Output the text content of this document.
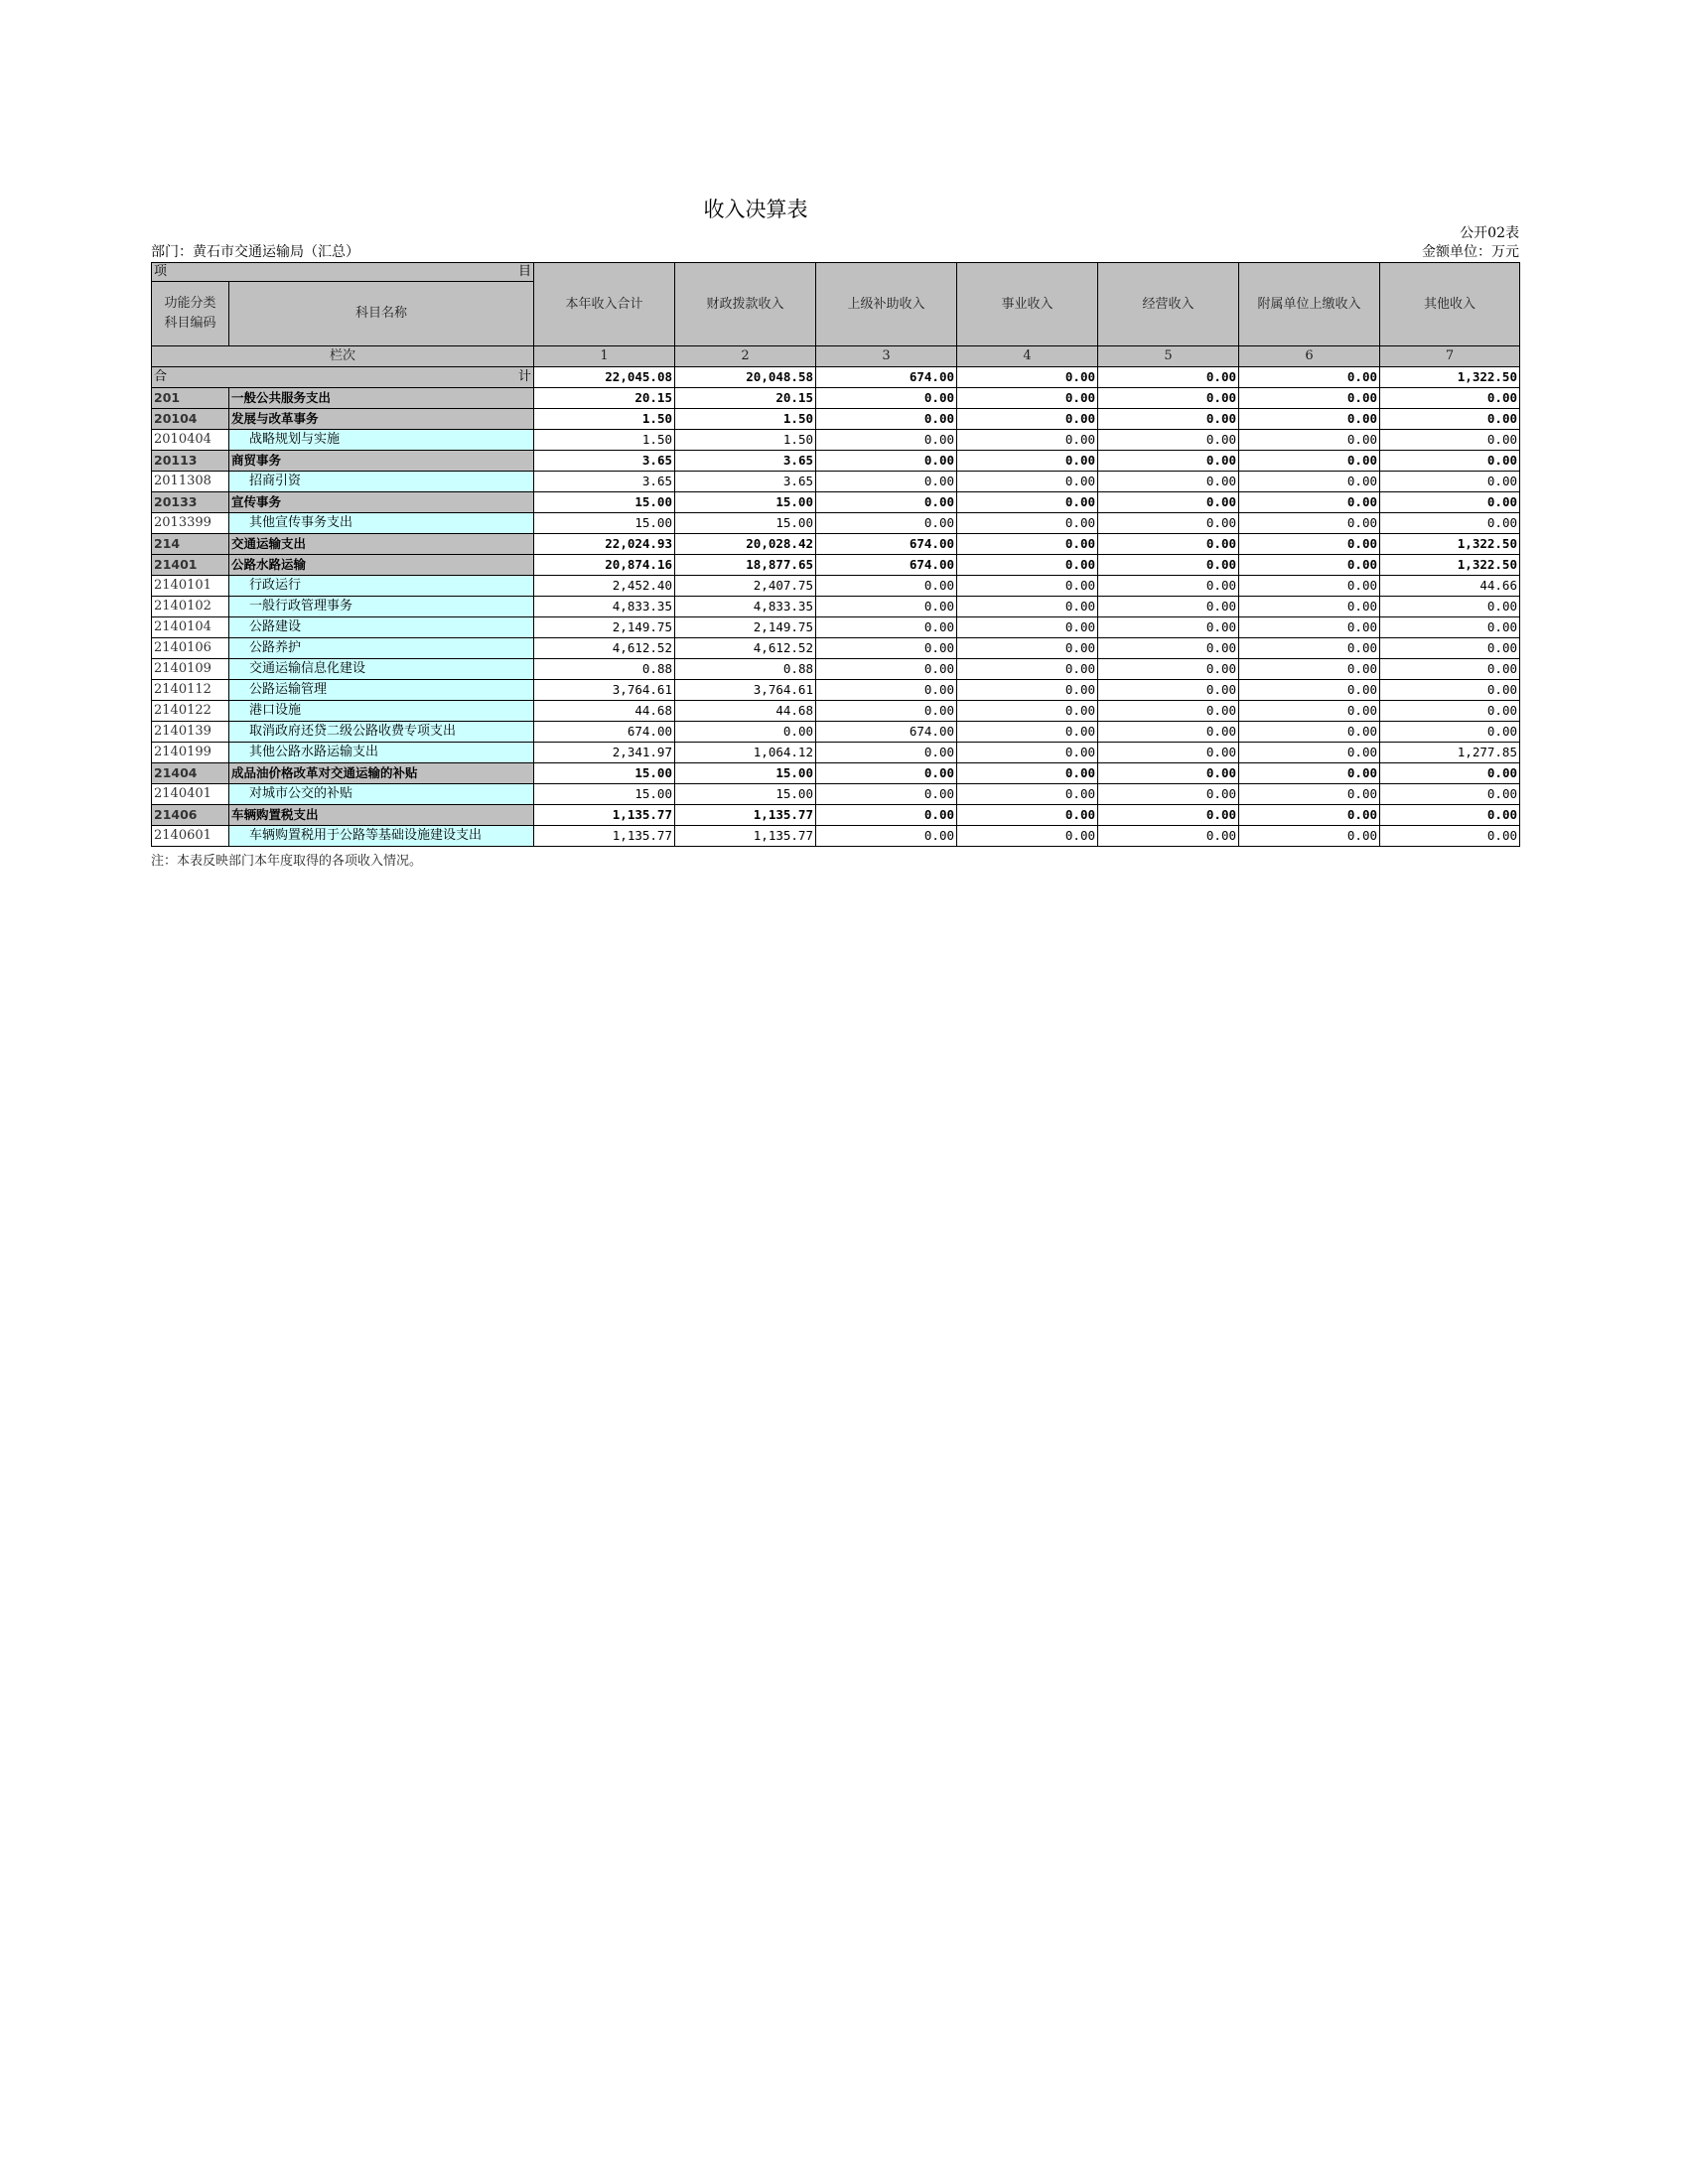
收入决算表
公开02表
部门：黄石市交通运输局（汇总）	金额单位：万元
项 目		本年收入合计	财政拨款收入	上级补助收入	事业收入	经营收入	附属单位上缴收入	其他收入

功能分类
科目编码	科目名称							
栏次		1	2	3	4	5	6	7

合 计		22,045.08	20,048.58	674.00	0.00	0.00	0.00	1,322.50
201	一般公共服务支出	20.15	20.15	0.00	0.00	0.00	0.00	0.00
20104	发展与改革事务	1.50	1.50	0.00	0.00	0.00	0.00	0.00
2010404	战略规划与实施	1.50	1.50	0.00	0.00	0.00	0.00	0.00
20113	商贸事务	3.65	3.65	0.00	0.00	0.00	0.00	0.00
2011308	招商引资	3.65	3.65	0.00	0.00	0.00	0.00	0.00
20133	宣传事务	15.00	15.00	0.00	0.00	0.00	0.00	0.00
2013399	其他宣传事务支出	15.00	15.00	0.00	0.00	0.00	0.00	0.00
214	交通运输支出	22,024.93	20,028.42	674.00	0.00	0.00	0.00	1,322.50
21401	公路水路运输	20,874.16	18,877.65	674.00	0.00	0.00	0.00	1,322.50
2140101	行政运行	2,452.40	2,407.75	0.00	0.00	0.00	0.00	44.66
2140102	一般行政管理事务	4,833.35	4,833.35	0.00	0.00	0.00	0.00	0.00
2140104	公路建设	2,149.75	2,149.75	0.00	0.00	0.00	0.00	0.00
2140106	公路养护	4,612.52	4,612.52	0.00	0.00	0.00	0.00	0.00
2140109	交通运输信息化建设	0.88	0.88	0.00	0.00	0.00	0.00	0.00
2140112	公路运输管理	3,764.61	3,764.61	0.00	0.00	0.00	0.00	0.00
2140122	港口设施	44.68	44.68	0.00	0.00	0.00	0.00	0.00
2140139	取消政府还贷二级公路收费专项支出	674.00	0.00	674.00	0.00	0.00	0.00	0.00
2140199	其他公路水路运输支出	2,341.97	1,064.12	0.00	0.00	0.00	0.00	1,277.85
21404	成品油价格改革对交通运输的补贴	15.00	15.00	0.00	0.00	0.00	0.00	0.00
2140401	对城市公交的补贴	15.00	15.00	0.00	0.00	0.00	0.00	0.00
21406	车辆购置税支出	1,135.77	1,135.77	0.00	0.00	0.00	0.00	0.00
2140601	车辆购置税用于公路等基础设施建设支出	1,135.77	1,135.77	0.00	0.00	0.00	0.00	0.00
注：本表反映部门本年度取得的各项收入情况。
